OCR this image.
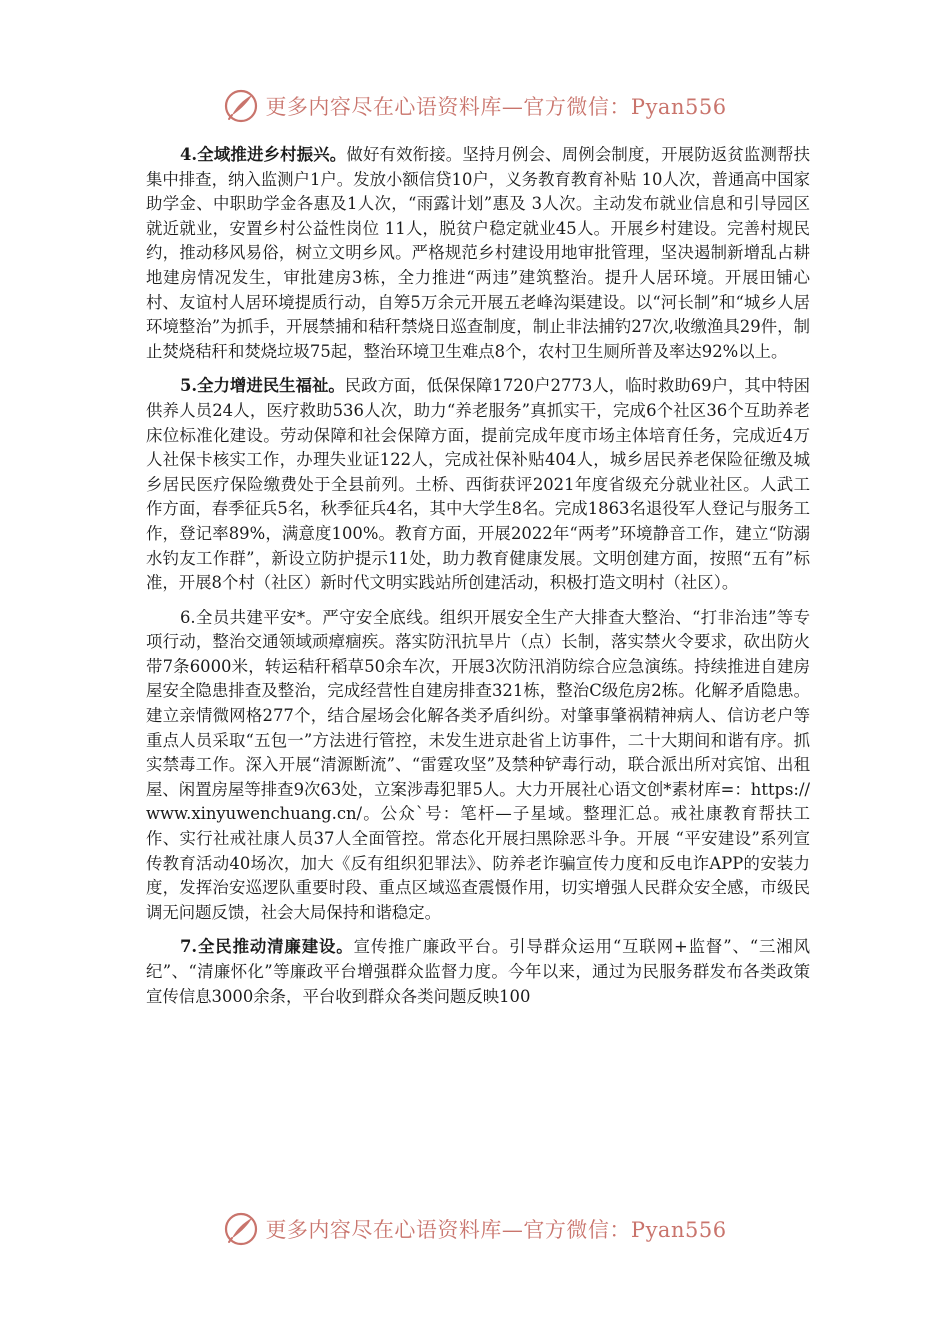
更多内容尽在心语资料库—官方微信：Pyan556

4.全域推进乡村振兴。做好有效衔接。坚持月例会、周例会制度，开展防返贫监测帮扶集中排查，纳入监测户1户。发放小额信贷10户，义务教育教育补贴 10人次，普通高中国家助学金、中职助学金各惠及1人次，“雨露计划”惠及 3人次。主动发布就业信息和引导园区就近就业，安置乡村公益性岗位 11人，脱贫户稳定就业45人。开展乡村建设。完善村规民约，推动移风易俗，树立文明乡风。严格规范乡村建设用地审批管理，坚决遏制新增乱占耕地建房情况发生，审批建房3栋，全力推进“两违”建筑整治。提升人居环境。开展田铺心村、友谊村人居环境提质行动，自筹5万余元开展五老峰沟渠建设。以“河长制”和“城乡人居环境整治”为抓手，开展禁捕和秸秆禁烧日巡查制度，制止非法捕钓27次,收缴渔具29件，制止焚烧秸秆和焚烧垃圾75起，整治环境卫生难点8个，农村卫生厕所普及率达92%以上。

5.全力增进民生福祉。民政方面，低保保障1720户2773人，临时救助69户，其中特困供养人员24人，医疗救助536人次，助力“养老服务”真抓实干，完成6个社区36个互助养老床位标准化建设。劳动保障和社会保障方面，提前完成年度市场主体培育任务，完成近4万人社保卡核实工作，办理失业证122人，完成社保补贴404人，城乡居民养老保险征缴及城乡居民医疗保险缴费处于全县前列。土桥、西街获评2021年度省级充分就业社区。人武工作方面，春季征兵5名，秋季征兵4名，其中大学生8名。完成1863名退役军人登记与服务工作，登记率89%，满意度100%。教育方面，开展2022年“两考”环境静音工作，建立“防溺水钓友工作群”，新设立防护提示11处，助力教育健康发展。文明创建方面，按照“五有”标准，开展8个村（社区）新时代文明实践站所创建活动，积极打造文明村（社区）。

6.全员共建平安*。严守安全底线。组织开展安全生产大排查大整治、“打非治违”等专项行动，整治交通领域顽瘴痼疾。落实防汛抗旱片（点）长制，落实禁火令要求，砍出防火带7条6000米，转运秸秆稻草50余车次，开展3次防汛消防综合应急演练。持续推进自建房屋安全隐患排查及整治，完成经营性自建房排查321栋，整治C级危房2栋。化解矛盾隐患。建立亲情微网格277个，结合屋场会化解各类矛盾纠纷。对肇事肇祸精神病人、信访老户等重点人员采取“五包一”方法进行管控，未发生进京赴省上访事件，二十大期间和谐有序。抓实禁毒工作。深入开展“清源断流”、“雷霆攻坚”及禁种铲毒行动，联合派出所对宾馆、出租屋、闲置房屋等排查9次63处，立案涉毒犯罪5人。大力开展社心语文创*素材库=：https://www.xinyuwenchuang.cn/。公众`号：笔杆—子星域。整理汇总。戒社康教育帮扶工作、实行社戒社康人员37人全面管控。常态化开展扫黑除恶斗争。开展 “平安建设”系列宣传教育活动40场次，加大《反有组织犯罪法》、防养老诈骗宣传力度和反电诈APP的安装力度，发挥治安巡逻队重要时段、重点区域巡查震慑作用，切实增强人民群众安全感，市级民调无问题反馈，社会大局保持和谐稳定。

7.全民推动清廉建设。宣传推广廉政平台。引导群众运用“互联网+监督”、“三湘风纪”、“清廉怀化”等廉政平台增强群众监督力度。今年以来，通过为民服务群发布各类政策宣传信息3000余条，平台收到群众各类问题反映100

更多内容尽在心语资料库—官方微信：Pyan556
